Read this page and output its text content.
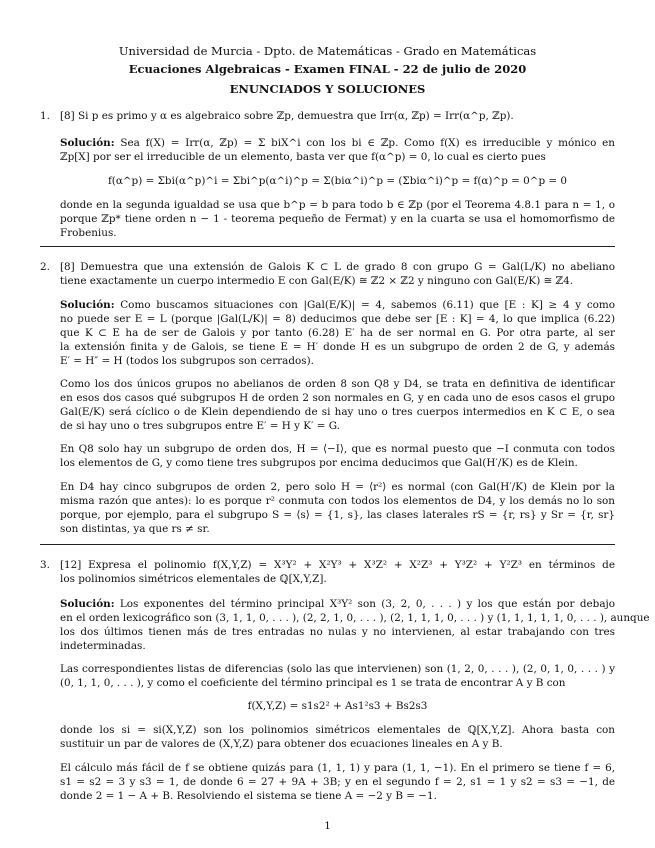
Universidad de Murcia - Dpto. de Matemáticas - Grado en Matemáticas
Ecuaciones Algebraicas - Examen FINAL - 22 de julio de 2020
ENUNCIADOS Y SOLUCIONES
1. [8] Si p es primo y α es algebraico sobre ℤp, demuestra que Irr(α, ℤp) = Irr(α^p, ℤp).
Solución: Sea f(X) = Irr(α, ℤp) = Σ biX^i con los bi ∈ ℤp. Como f(X) es irreducible y mónico en
ℤp[X] por ser el irreducible de un elemento, basta ver que f(α^p) = 0, lo cual es cierto pues
f(α^p) = Σbi(α^p)^i = Σbi^p(α^i)^p = Σ(biα^i)^p = (Σbiα^i)^p = f(α)^p = 0^p = 0
donde en la segunda igualdad se usa que b^p = b para todo b ∈ ℤp (por el Teorema 4.8.1 para n = 1, o
porque ℤp* tiene orden n − 1 - teorema pequeño de Fermat) y en la cuarta se usa el homomorfismo de
Frobenius.
2. [8] Demuestra que una extensión de Galois K ⊂ L de grado 8 con grupo G = Gal(L/K) no abeliano
tiene exactamente un cuerpo intermedio E con Gal(E/K) ≅ ℤ2 × ℤ2 y ninguno con Gal(E/K) ≅ ℤ4.
Solución: Como buscamos situaciones con |Gal(E/K)| = 4, sabemos (6.11) que [E : K] ≥ 4 y como
no puede ser E = L (porque |Gal(L/K)| = 8) deducimos que debe ser [E : K] = 4, lo que implica (6.22)
que K ⊂ E ha de ser de Galois y por tanto (6.28) E′ ha de ser normal en G. Por otra parte, al ser
la extensión finita y de Galois, se tiene E = H′ donde H es un subgrupo de orden 2 de G, y además
E′ = H″ = H (todos los subgrupos son cerrados).
Como los dos únicos grupos no abelianos de orden 8 son Q8 y D4, se trata en definitiva de identificar
en esos dos casos qué subgrupos H de orden 2 son normales en G, y en cada uno de esos casos el grupo
Gal(E/K) será cíclico o de Klein dependiendo de si hay uno o tres cuerpos intermedios en K ⊂ E, o sea
de si hay uno o tres subgrupos entre E′ = H y K′ = G.
En Q8 solo hay un subgrupo de orden dos, H = ⟨−I⟩, que es normal puesto que −I conmuta con todos
los elementos de G, y como tiene tres subgrupos por encima deducimos que Gal(H′/K) es de Klein.
En D4 hay cinco subgrupos de orden 2, pero solo H = ⟨r²⟩ es normal (con Gal(H′/K) de Klein por la
misma razón que antes): lo es porque r² conmuta con todos los elementos de D4, y los demás no lo son
porque, por ejemplo, para el subgrupo S = ⟨s⟩ = {1, s}, las clases laterales rS = {r, rs} y Sr = {r, sr}
son distintas, ya que rs ≠ sr.
3. [12] Expresa el polinomio f(X,Y,Z) = X³Y² + X²Y³ + X³Z² + X²Z³ + Y³Z² + Y²Z³ en términos de
los polinomios simétricos elementales de ℚ[X,Y,Z].
Solución: Los exponentes del término principal X³Y² son (3, 2, 0, . . . ) y los que están por debajo
en el orden lexicográfico son (3, 1, 1, 0, . . . ), (2, 2, 1, 0, . . . ), (2, 1, 1, 1, 0, . . . ) y (1, 1, 1, 1, 1, 0, . . . ), aunque
los dos últimos tienen más de tres entradas no nulas y no intervienen, al estar trabajando con tres
indeterminadas.
Las correspondientes listas de diferencias (solo las que intervienen) son (1, 2, 0, . . . ), (2, 0, 1, 0, . . . ) y
(0, 1, 1, 0, . . . ), y como el coeficiente del término principal es 1 se trata de encontrar A y B con
f(X,Y,Z) = s1s2² + As1²s3 + Bs2s3
donde los si = si(X,Y,Z) son los polinomios simétricos elementales de ℚ[X,Y,Z]. Ahora basta con
sustituir un par de valores de (X,Y,Z) para obtener dos ecuaciones lineales en A y B.
El cálculo más fácil de f se obtiene quizás para (1, 1, 1) y para (1, 1, −1). En el primero se tiene f = 6,
s1 = s2 = 3 y s3 = 1, de donde 6 = 27 + 9A + 3B; y en el segundo f = 2, s1 = 1 y s2 = s3 = −1, de
donde 2 = 1 − A + B. Resolviendo el sistema se tiene A = −2 y B = −1.
1
